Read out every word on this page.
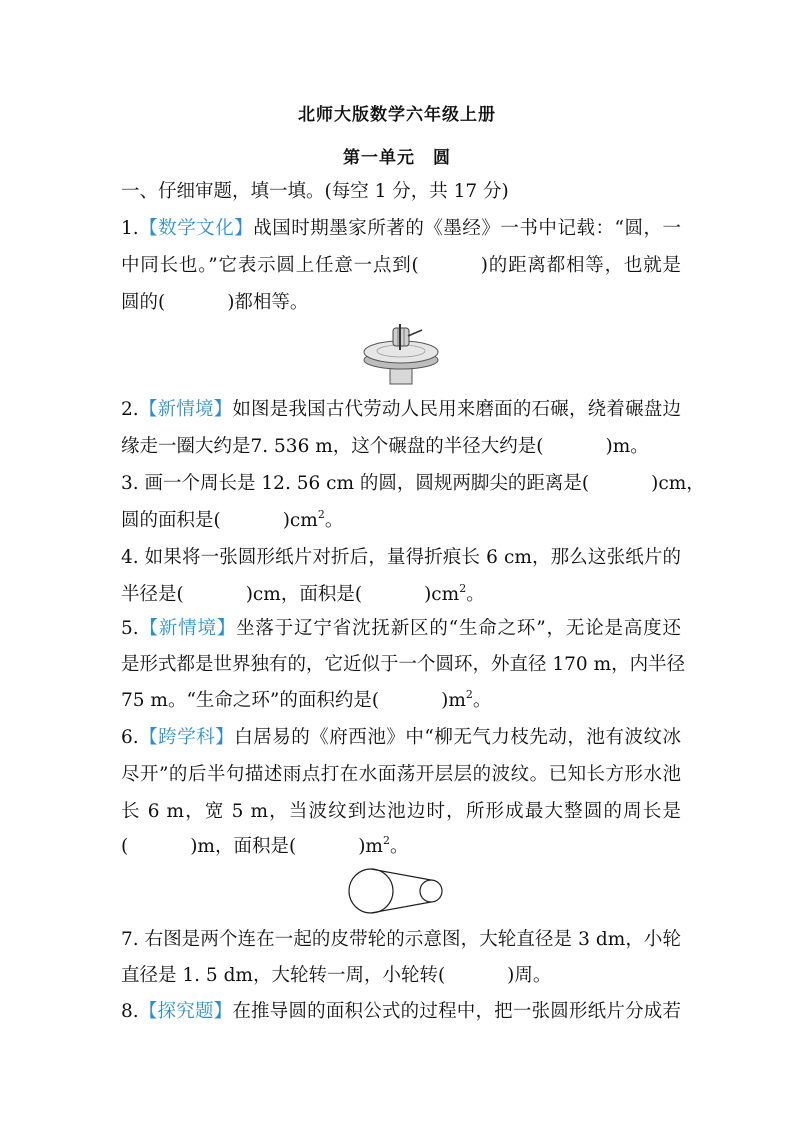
北师大版数学六年级上册
第一单元　圆
一、仔细审题，填一填。(每空 1 分，共 17 分)
1.【数学文化】战国时期墨家所著的《墨经》一书中记载：“圆，一
中同长也。”它表示圆上任意一点到(	)的距离都相等，也就是
圆的(	)都相等。
2.【新情境】如图是我国古代劳动人民用来磨面的石碾，绕着碾盘边
缘走一圈大约是7. 536 m，这个碾盘的半径大约是(	)m。
3. 画一个周长是 12. 56 cm 的圆，圆规两脚尖的距离是(	)cm，
圆的面积是(	)$cm^2$。
4. 如果将一张圆形纸片对折后，量得折痕长 6 cm，那么这张纸片的
半径是(	)cm，面积是(	)$cm^2$。
5.【新情境】坐落于辽宁省沈抚新区的“生命之环”，无论是高度还
是形式都是世界独有的，它近似于一个圆环，外直径 170 m，内半径
75 m。“生命之环”的面积约是(	)$m^2$。
6.【跨学科】白居易的《府西池》中“柳无气力枝先动，池有波纹冰
尽开”的后半句描述雨点打在水面荡开层层的波纹。已知长方形水池
长 6 m，宽 5 m，当波纹到达池边时，所形成最大整圆的周长是
(	)m，面积是(	)$m^2$。
7. 右图是两个连在一起的皮带轮的示意图，大轮直径是 3 dm，小轮
直径是 1. 5 dm，大轮转一周，小轮转(	)周。
8.【探究题】在推导圆的面积公式的过程中，把一张圆形纸片分成若
